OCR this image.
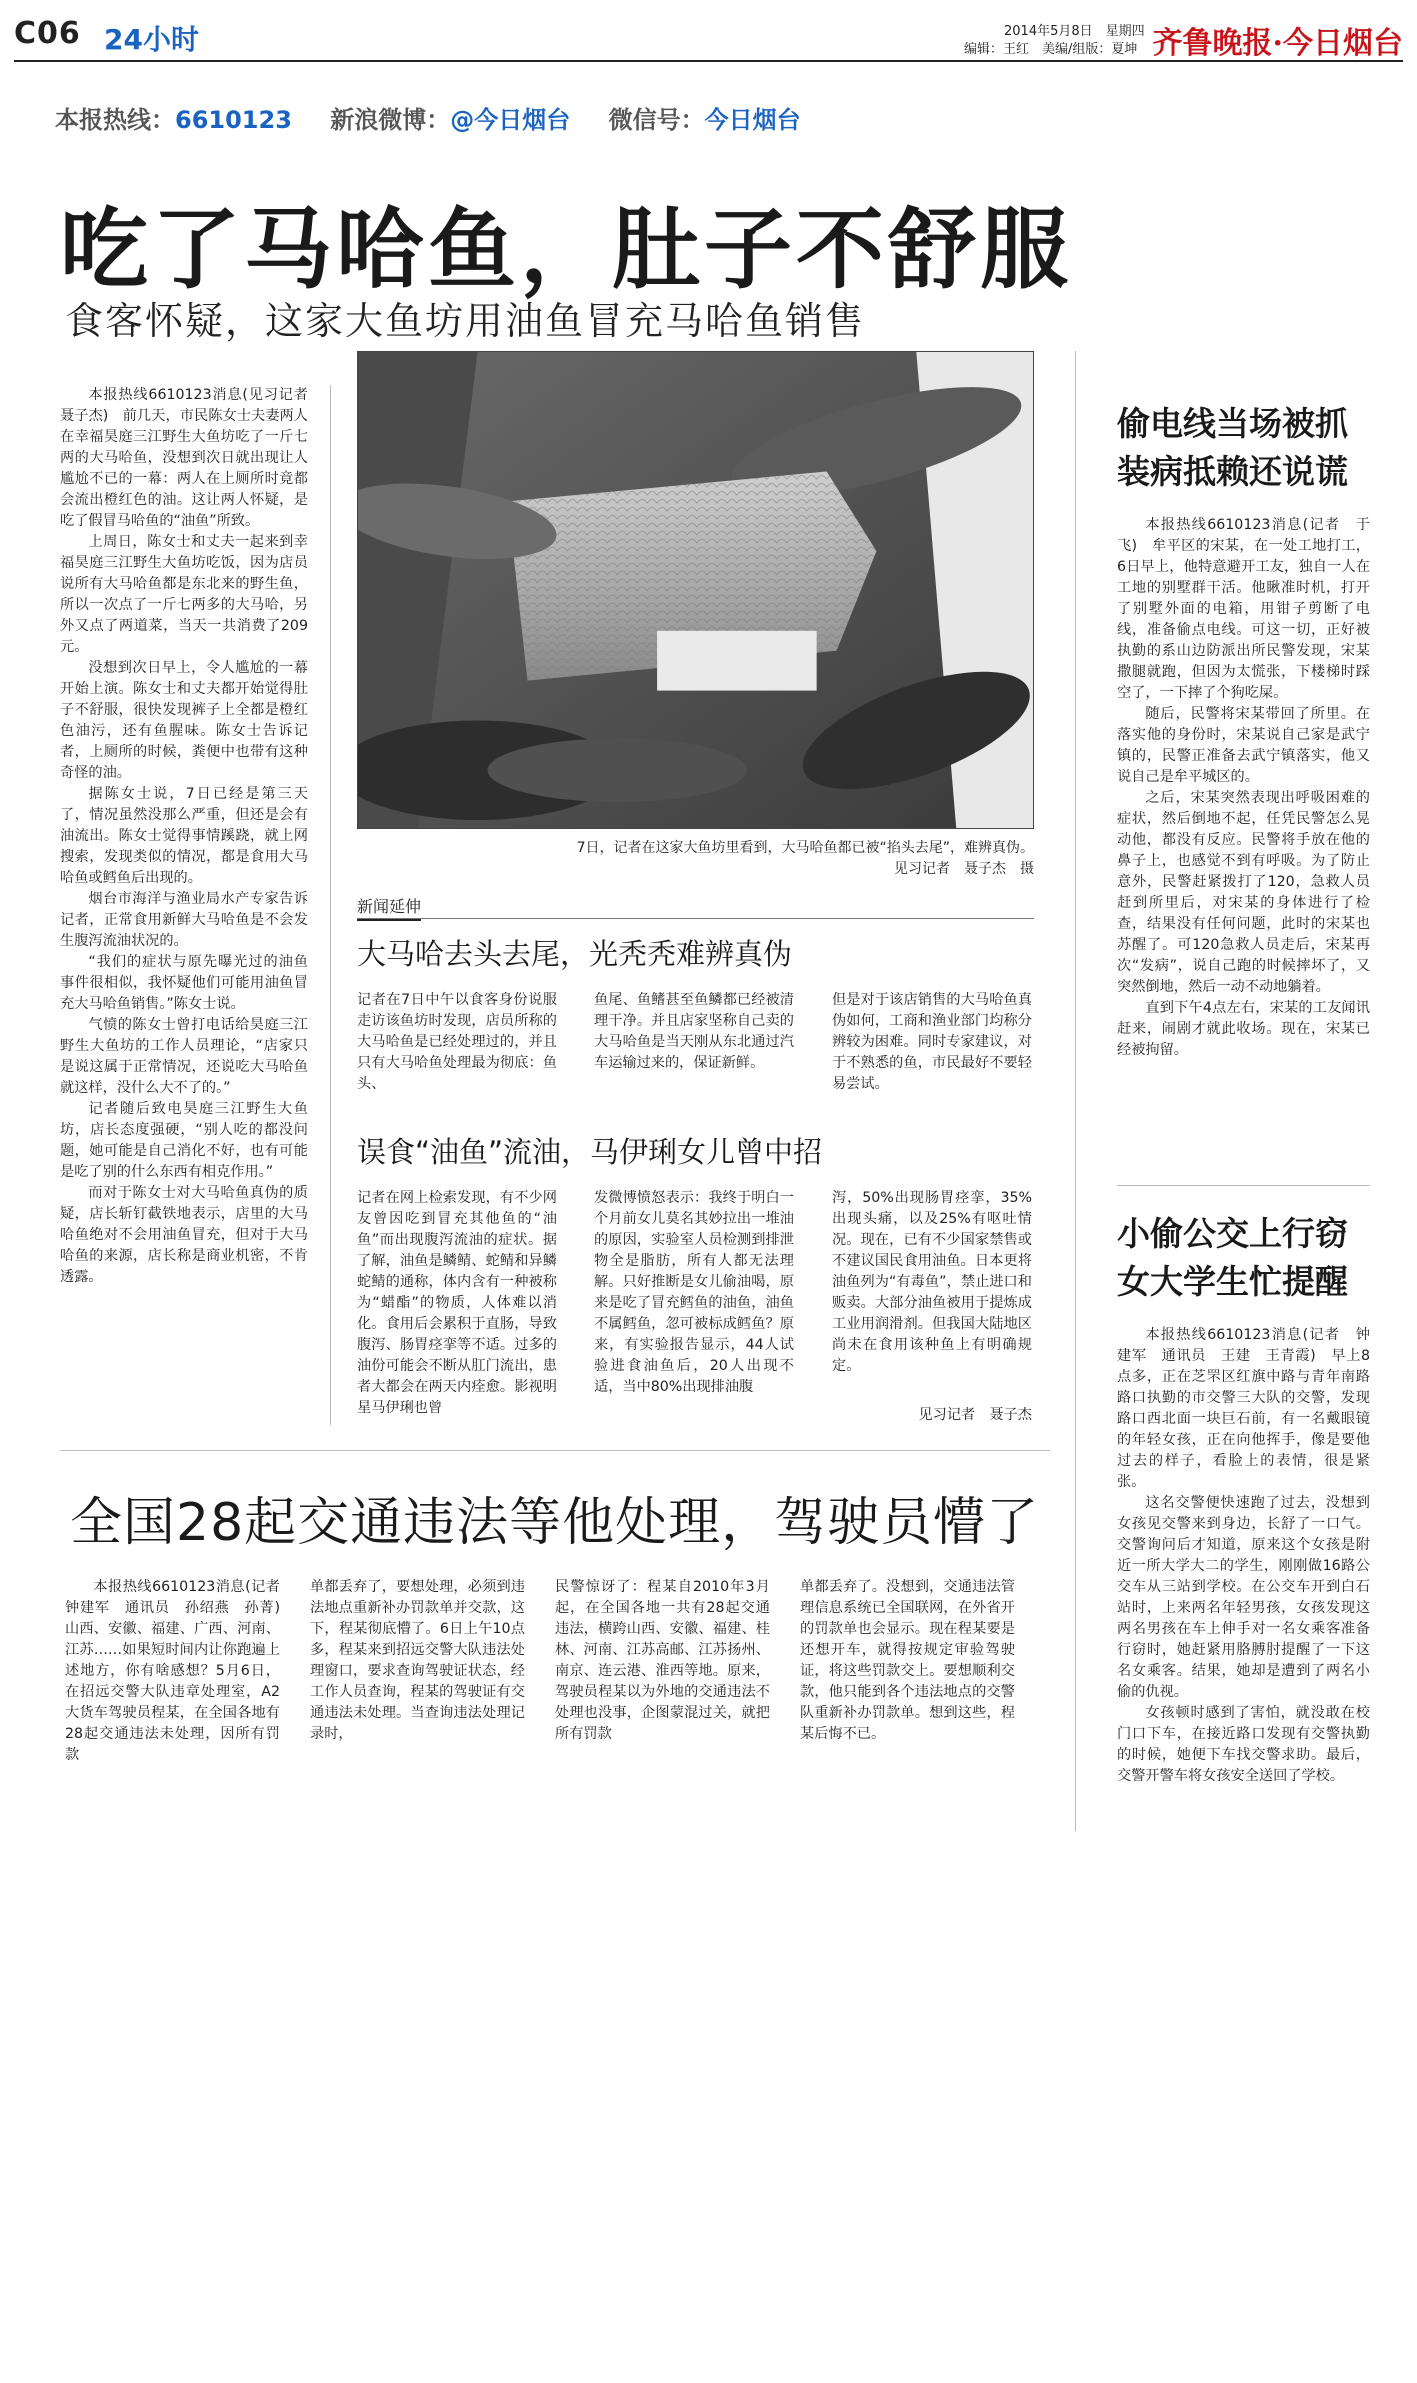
C06 24小时	2014年5月8日　星期四
编辑：王红　美编/组版：夏坤 齐鲁晚报·今日烟台
本报热线：6610123 新浪微博：@今日烟台 微信号：今日烟台
吃了马哈鱼，肚子不舒服
食客怀疑，这家大鱼坊用油鱼冒充马哈鱼销售

本报热线6610123消息(见习记者　聂子杰)　前几天，市民陈女士夫妻两人在幸福昊庭三江野生大鱼坊吃了一斤七两的大马哈鱼，没想到次日就出现让人尴尬不已的一幕：两人在上厕所时竟都会流出橙红色的油。这让两人怀疑，是吃了假冒马哈鱼的“油鱼”所致。

上周日，陈女士和丈夫一起来到幸福昊庭三江野生大鱼坊吃饭，因为店员说所有大马哈鱼都是东北来的野生鱼，所以一次点了一斤七两多的大马哈，另外又点了两道菜，当天一共消费了209元。

没想到次日早上，令人尴尬的一幕开始上演。陈女士和丈夫都开始觉得肚子不舒服，很快发现裤子上全都是橙红色油污，还有鱼腥味。陈女士告诉记者，上厕所的时候，粪便中也带有这种奇怪的油。

据陈女士说，7日已经是第三天了，情况虽然没那么严重，但还是会有油流出。陈女士觉得事情蹊跷，就上网搜索，发现类似的情况，都是食用大马哈鱼或鳕鱼后出现的。

烟台市海洋与渔业局水产专家告诉记者，正常食用新鲜大马哈鱼是不会发生腹泻流油状况的。

“我们的症状与原先曝光过的油鱼事件很相似，我怀疑他们可能用油鱼冒充大马哈鱼销售。”陈女士说。

气愤的陈女士曾打电话给昊庭三江野生大鱼坊的工作人员理论，“店家只是说这属于正常情况，还说吃大马哈鱼就这样，没什么大不了的。”

记者随后致电昊庭三江野生大鱼坊，店长态度强硬，“别人吃的都没问题，她可能是自己消化不好，也有可能是吃了别的什么东西有相克作用。”

而对于陈女士对大马哈鱼真伪的质疑，店长斩钉截铁地表示，店里的大马哈鱼绝对不会用油鱼冒充，但对于大马哈鱼的来源，店长称是商业机密，不肯透露。

7日，记者在这家大鱼坊里看到，大马哈鱼都已被“掐头去尾”，难辨真伪。
见习记者　聂子杰　摄
新闻延伸
大马哈去头去尾，光秃秃难辨真伪
记者在7日中午以食客身份说服走访该鱼坊时发现，店员所称的大马哈鱼是已经处理过的，并且只有大马哈鱼处理最为彻底：鱼头、
鱼尾、鱼鳍甚至鱼鳞都已经被清理干净。并且店家坚称自己卖的大马哈鱼是当天刚从东北通过汽车运输过来的，保证新鲜。
但是对于该店销售的大马哈鱼真伪如何，工商和渔业部门均称分辨较为困难。同时专家建议，对于不熟悉的鱼，市民最好不要轻易尝试。
误食“油鱼”流油，马伊琍女儿曾中招
记者在网上检索发现，有不少网友曾因吃到冒充其他鱼的“油鱼”而出现腹泻流油的症状。据了解，油鱼是鳞鲭、蛇鲭和异鳞蛇鲭的通称，体内含有一种被称为“蜡酯”的物质，人体难以消化。食用后会累积于直肠，导致腹泻、肠胃痉挛等不适。过多的油份可能会不断从肛门流出，患者大都会在两天内痊愈。影视明星马伊琍也曾
发微博愤怒表示：我终于明白一个月前女儿莫名其妙拉出一堆油的原因，实验室人员检测到排泄物全是脂肪，所有人都无法理解。只好推断是女儿偷油喝，原来是吃了冒充鳕鱼的油鱼，油鱼不属鳕鱼，忽可被标成鳕鱼？原来，有实验报告显示，44人试验进食油鱼后，20人出现不适，当中80%出现排油腹
泻，50%出现肠胃痉挛，35%出现头痛，以及25%有呕吐情况。现在，已有不少国家禁售或不建议国民食用油鱼。日本更将油鱼列为“有毒鱼”，禁止进口和贩卖。大部分油鱼被用于提炼成工业用润滑剂。但我国大陆地区尚未在食用该种鱼上有明确规定。
见习记者　聂子杰
偷电线当场被抓装病抵赖还说谎

本报热线6610123消息(记者　于飞)　牟平区的宋某，在一处工地打工，6日早上，他特意避开工友，独自一人在工地的别墅群干活。他瞅准时机，打开了别墅外面的电箱，用钳子剪断了电线，准备偷点电线。可这一切，正好被执勤的系山边防派出所民警发现，宋某撒腿就跑，但因为太慌张，下楼梯时踩空了，一下摔了个狗吃屎。

随后，民警将宋某带回了所里。在落实他的身份时，宋某说自己家是武宁镇的，民警正准备去武宁镇落实，他又说自己是牟平城区的。

之后，宋某突然表现出呼吸困难的症状，然后倒地不起，任凭民警怎么晃动他，都没有反应。民警将手放在他的鼻子上，也感觉不到有呼吸。为了防止意外，民警赶紧拨打了120，急救人员赶到所里后，对宋某的身体进行了检查，结果没有任何问题，此时的宋某也苏醒了。可120急救人员走后，宋某再次“发病”，说自己跑的时候摔坏了，又突然倒地，然后一动不动地躺着。

直到下午4点左右，宋某的工友闻讯赶来，闹剧才就此收场。现在，宋某已经被拘留。

小偷公交上行窃女大学生忙提醒

本报热线6610123消息(记者　钟建军　通讯员　王建　王青霞)　早上8点多，正在芝罘区红旗中路与青年南路路口执勤的市交警三大队的交警，发现路口西北面一块巨石前，有一名戴眼镜的年轻女孩，正在向他挥手，像是要他过去的样子，看脸上的表情，很是紧张。

这名交警便快速跑了过去，没想到女孩见交警来到身边，长舒了一口气。交警询问后才知道，原来这个女孩是附近一所大学大二的学生，刚刚做16路公交车从三站到学校。在公交车开到白石站时，上来两名年轻男孩，女孩发现这两名男孩在车上伸手对一名女乘客准备行窃时，她赶紧用胳膊肘提醒了一下这名女乘客。结果，她却是遭到了两名小偷的仇视。

女孩顿时感到了害怕，就没敢在校门口下车，在接近路口发现有交警执勤的时候，她便下车找交警求助。最后，交警开警车将女孩安全送回了学校。

全国28起交通违法等他处理，驾驶员懵了

本报热线6610123消息(记者　钟建军　通讯员　孙绍燕　孙菁)　山西、安徽、福建、广西、河南、江苏……如果短时间内让你跑遍上述地方，你有啥感想？5月6日，在招远交警大队违章处理室，A2大货车驾驶员程某，在全国各地有28起交通违法未处理，因所有罚款

单都丢弃了，要想处理，必须到违法地点重新补办罚款单并交款，这下，程某彻底懵了。6日上午10点多，程某来到招远交警大队违法处理窗口，要求查询驾驶证状态，经工作人员查询，程某的驾驶证有交通违法未处理。当查询违法处理记录时，
民警惊讶了：程某自2010年3月起，在全国各地一共有28起交通违法，横跨山西、安徽、福建、桂林、河南、江苏高邮、江苏扬州、南京、连云港、淮西等地。原来，驾驶员程某以为外地的交通违法不处理也没事，企图蒙混过关，就把所有罚款
单都丢弃了。没想到，交通违法管理信息系统已全国联网，在外省开的罚款单也会显示。现在程某要是还想开车，就得按规定审验驾驶证，将这些罚款交上。要想顺利交款，他只能到各个违法地点的交警队重新补办罚款单。想到这些，程某后悔不已。
